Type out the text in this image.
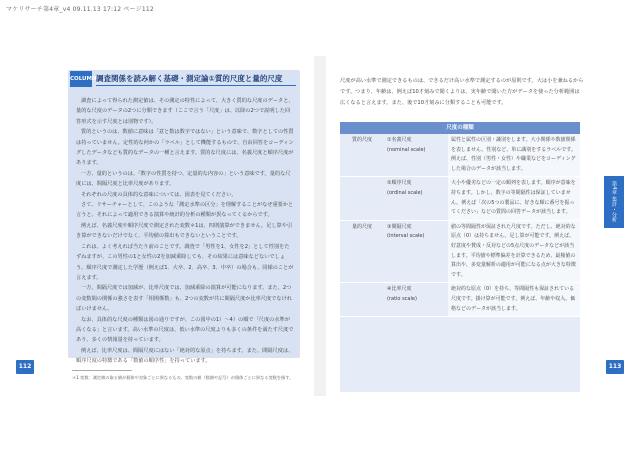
マケリサーチ第4章_v4 09.11.13 17:12 ページ112
COLUMN 調査関係を読み解く基礎・測定論①質的尺度と量的尺度

調査によって得られた測定値は、その測定の特性によって、大きく質的な尺度のデータと、量的な尺度のデータの2つに分類できます（ここで言う「尺度」は、以降の2つで説明した回答形式を示す尺度とは別物です）。

質的というのは、数値に意味は「意と数は数字ではない」という意味で、数字としての性質は持っていません。定性的な何かの「ラベル」として機能するもので、自由回答をコーディングしたデータなども質的なデータの一種と言えます。質的な尺度には、名義尺度と順序尺度があります。

一方、量的というのは、「数字の性質を持つ、定量的な内容の」という意味です。量的な尺度には、間隔尺度と比率尺度があります。

それぞれの尺度の具体的な意味については、図表を見てください。

さて、リサーチャーとして、このような「測定水準の区分」を理解することがなぜ重要かと言うと、それによって適用できる演算や統計的分析の種類が異なってくるからです。

例えば、名義尺度や順序尺度で測定された変数＊1は、四則演算ができません。足し算や引き算ができないだけでなく、平均値の算出もできないということです。

これは、よく考えれば当たり前のことです。調査で「男性を1、女性を2」として性別をたずねますが、この男性の1と女性の2を加減乗除しても、その結果には意味などないでしょう。順序尺度で測定した学歴（例えば1．大卒、2．高卒、3．中卒）の場合も、同様のことが言えます。

一方、間隔尺度では加減が、比率尺度では、加減乗除の演算が可能になります。また、2つの変数間の関係の強さを表す「相関係数」も、2つの変数が共に間隔尺度か比率尺度でなければいけません。

なお、具体的な尺度の種類は図の通りですが、この図中の1）〜4）の順で「尺度の水準が高くなる」と言います。高い水準の尺度は、低い水準の尺度よりも多くの条件を満たす尺度であり、多くの情報量を持っています。

例えば、比率尺度は、間隔尺度にはない「絶対的な原点」を持ちます。また、間隔尺度は、順序尺度の特徴である「数値の順序性」を持っています。

＊1 変数：測定値の取る値が個体や対象ごとに異なるもの。変数の値（数値や記号）が個体ごとに異なる変数を指す。
112

尺度が高い水準で測定できるものは、できるだけ高い水準で測定するのが原則です。大は小を兼ねるからです。つまり、年齢は、例えば10才刻みで聞くよりは、実年齢で聞いた方がデータを使った分析範囲は広くなると言えます。また、後で10才刻みに分類することも可能です。

尺度の種類
質的尺度	①名義尺度
(nominal scale)	属性と属性の区別・識別をします。大小関係や数値関係を表しません。性別など、単に識別をするラベルです。例えば、性別（男性・女性）や職業などをコーディングした場合のデータが該当します。
	②順序尺度
(ordinal scale)	大小や優劣などの一定の順列を表します。順序が意味を持ちます。しかし、数字の等間隔性は保証していません。例えば「次の5つの製品に、好きな順に番号を振ってください」などの質問の回答データが該当します。
量的尺度	③間隔尺度
(interval scale)	値の等間隔性が保証された尺度です。ただし、絶対的な原点（0）は持ちません。足し算が可能です。例えば、好意度や賛成・反対などの5点尺度のデータなどが該当します。平均値や標準偏差を計算できるため、最頻値の算出や、多変量解析の適用が可能になる点が大きな特徴です。
	④比率尺度
(ratio scale)	絶対的な原点（0）を持ち、等間隔性も保証されている尺度です。掛け算が可能です。例えば、年齢や収入、価格などのデータが該当します。
第4章 集計・分析
113
